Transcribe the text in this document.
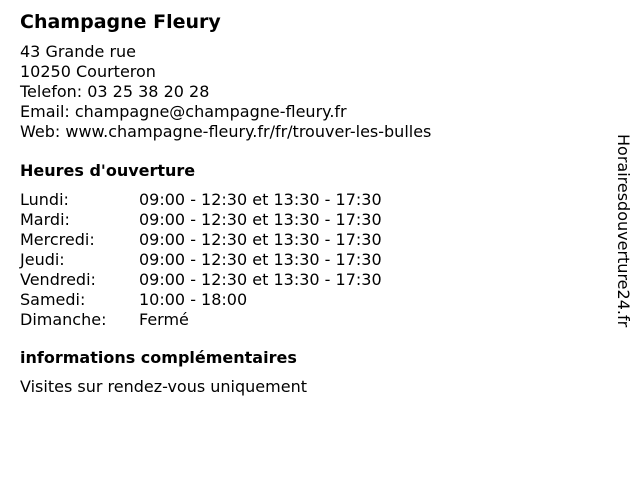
Champagne Fleury
43 Grande rue
10250 Courteron
Telefon: 03 25 38 20 28
Email: champagne@champagne-fleury.fr
Web: www.champagne-fleury.fr/fr/trouver-les-bulles
Heures d'ouverture
Lundi:	09:00 - 12:30 et 13:30 - 17:30
Mardi:	09:00 - 12:30 et 13:30 - 17:30
Mercredi:	09:00 - 12:30 et 13:30 - 17:30
Jeudi:	09:00 - 12:30 et 13:30 - 17:30
Vendredi:	09:00 - 12:30 et 13:30 - 17:30
Samedi:	10:00 - 18:00
Dimanche:	Fermé
informations complémentaires
Visites sur rendez-vous uniquement
Horairesdouverture24.fr
